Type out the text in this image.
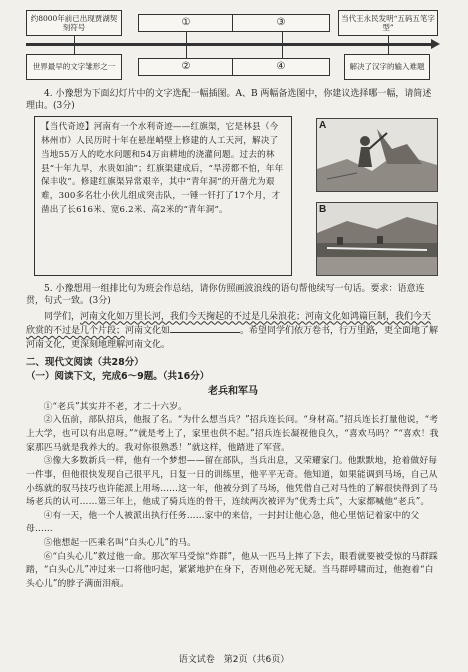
约8000年前已出现贾湖契刻符号	①	③	当代王永民发明“五码五笔字型”
世界最早的文字雏形之一	②	④	解决了汉字的输入难题
4. 小豫想为下面幻灯片中的文字选配一幅插图。A、B 两幅备选图中，你建议选择哪一幅，请简述理由。(3分)
【当代奇迹】河南有一个水利奇迹——红旗渠，它是林县（今林州市）人民历时十年在悬崖峭壁上修建的人工天河，解决了当地55万人的吃水问题和54万亩耕地的浇灌问题。过去的林县“十年九旱，水贵如油”；红旗渠建成后，“旱涝都不怕，年年保丰收”。修建红旗渠异常艰辛，其中“青年洞”的开凿尤为艰难，300多名壮小伙儿组成突击队，一锤一钎打了17个月，才凿出了长616米、宽6.2米、高2米的“青年洞”。
A
B
5. 小豫想用一组排比句为班会作总结，请你仿照画波浪线的语句帮他续写一句话。要求：语意连贯，句式一致。(3分)
同学们，河南文化如万里长河，我们今天掬起的不过是几朵浪花；河南文化如鸿篇巨制，我们今天欣赏的不过是几个片段；河南文化如	。希望同学们依万卷书，行万里路，更全面地了解河南文化，更深刻地理解河南文化。
二、现代文阅读（共28分）
（一）阅读下文，完成6～9题。（共16分）
老兵和军马
①“老兵”其实并不老，才二十六岁。
②入伍前，部队招兵，他报了名。“为什么想当兵？”招兵连长问。“身材高。”招兵连长打量他说，“考上大学，也可以有出息呀。”“就是考上了，家里也供不起。”招兵连长凝视他良久，“喜欢马吗？”“喜欢！我家那匹马就是我养大的。我对你很熟悉！”就这样，他踏进了军营。
③像大多数新兵一样，他有一个梦想——留在部队，当兵出息，又荣耀家门。他默默地，抢着做好每一件事，但他很快发现自己很平凡，日复一日的训练里，他平平无奇。他知道，如果能调到马场，自己从小练就的驭马技巧也许能派上用场……这一年，他被分到了马场，他凭借自己对马性的了解很快得到了马场老兵的认可……第三年上，他成了骑兵连的骨干，连续两次被评为“优秀士兵”，大家都喊他“老兵”。
④有一天，他一个人被派出执行任务……家中的来信，一封封让他心急，他心里惦记着家中的父母……
⑤他想起一匹乘名叫“白头心儿”的马。
⑥“白头心儿”救过他一命。那次军马受惊“炸群”，他从一匹马上摔了下去，眼看就要被受惊的马群踩踏，“白头心儿”冲过来一口将他叼起，紧紧地护在身下，否则他必死无疑。当马群呼啸而过，他抱着“白头心儿”的脖子满面泪痕。
语文试卷　第2页（共6页）
